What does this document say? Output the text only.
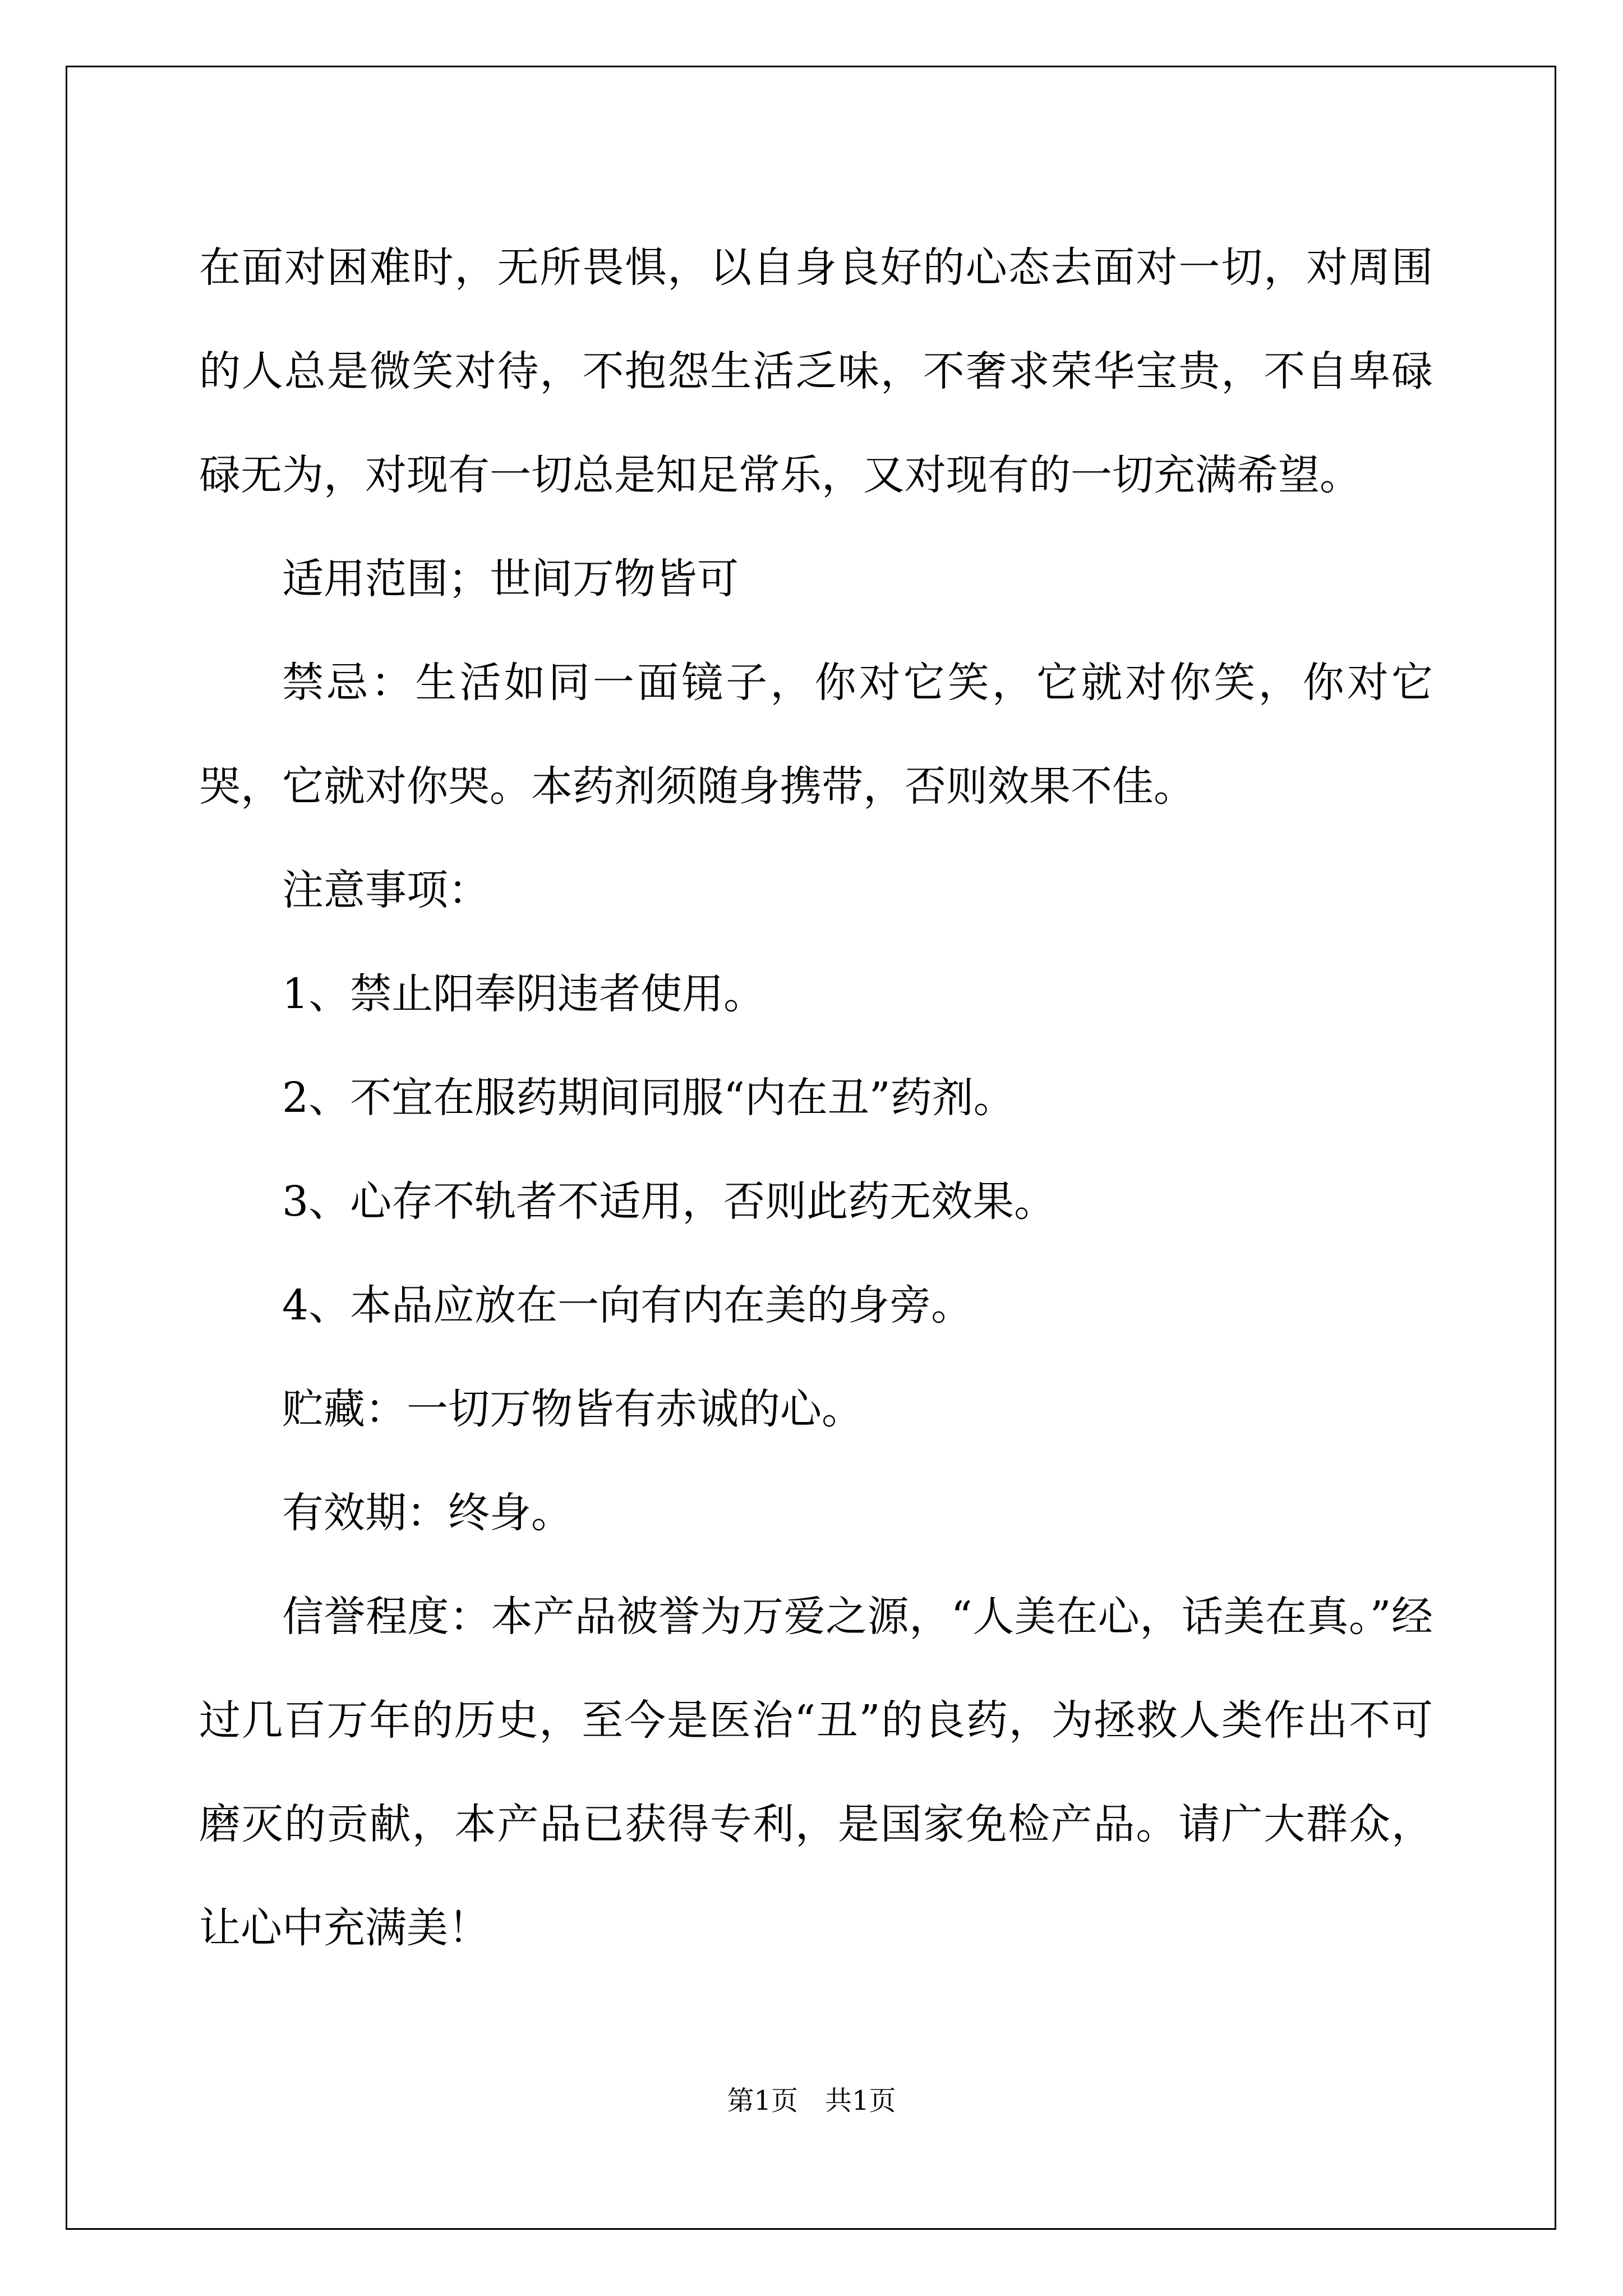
在面对困难时，无所畏惧，以自身良好的心态去面对一切，对周围的人总是微笑对待，不抱怨生活乏味，不奢求荣华宝贵，不自卑碌碌无为，对现有一切总是知足常乐，又对现有的一切充满希望。

适用范围；世间万物皆可

禁忌：生活如同一面镜子，你对它笑，它就对你笑，你对它哭，它就对你哭。本药剂须随身携带，否则效果不佳。

注意事项：

1、禁止阳奉阴违者使用。

2、不宜在服药期间同服“内在丑”药剂。

3、心存不轨者不适用，否则此药无效果。

4、本品应放在一向有内在美的身旁。

贮藏：一切万物皆有赤诚的心。

有效期：终身。

信誉程度：本产品被誉为万爱之源，“人美在心，话美在真。”经过几百万年的历史，至今是医治“丑”的良药，为拯救人类作出不可磨灭的贡献，本产品已获得专利，是国家免检产品。请广大群众，让心中充满美！

第1页　共1页
